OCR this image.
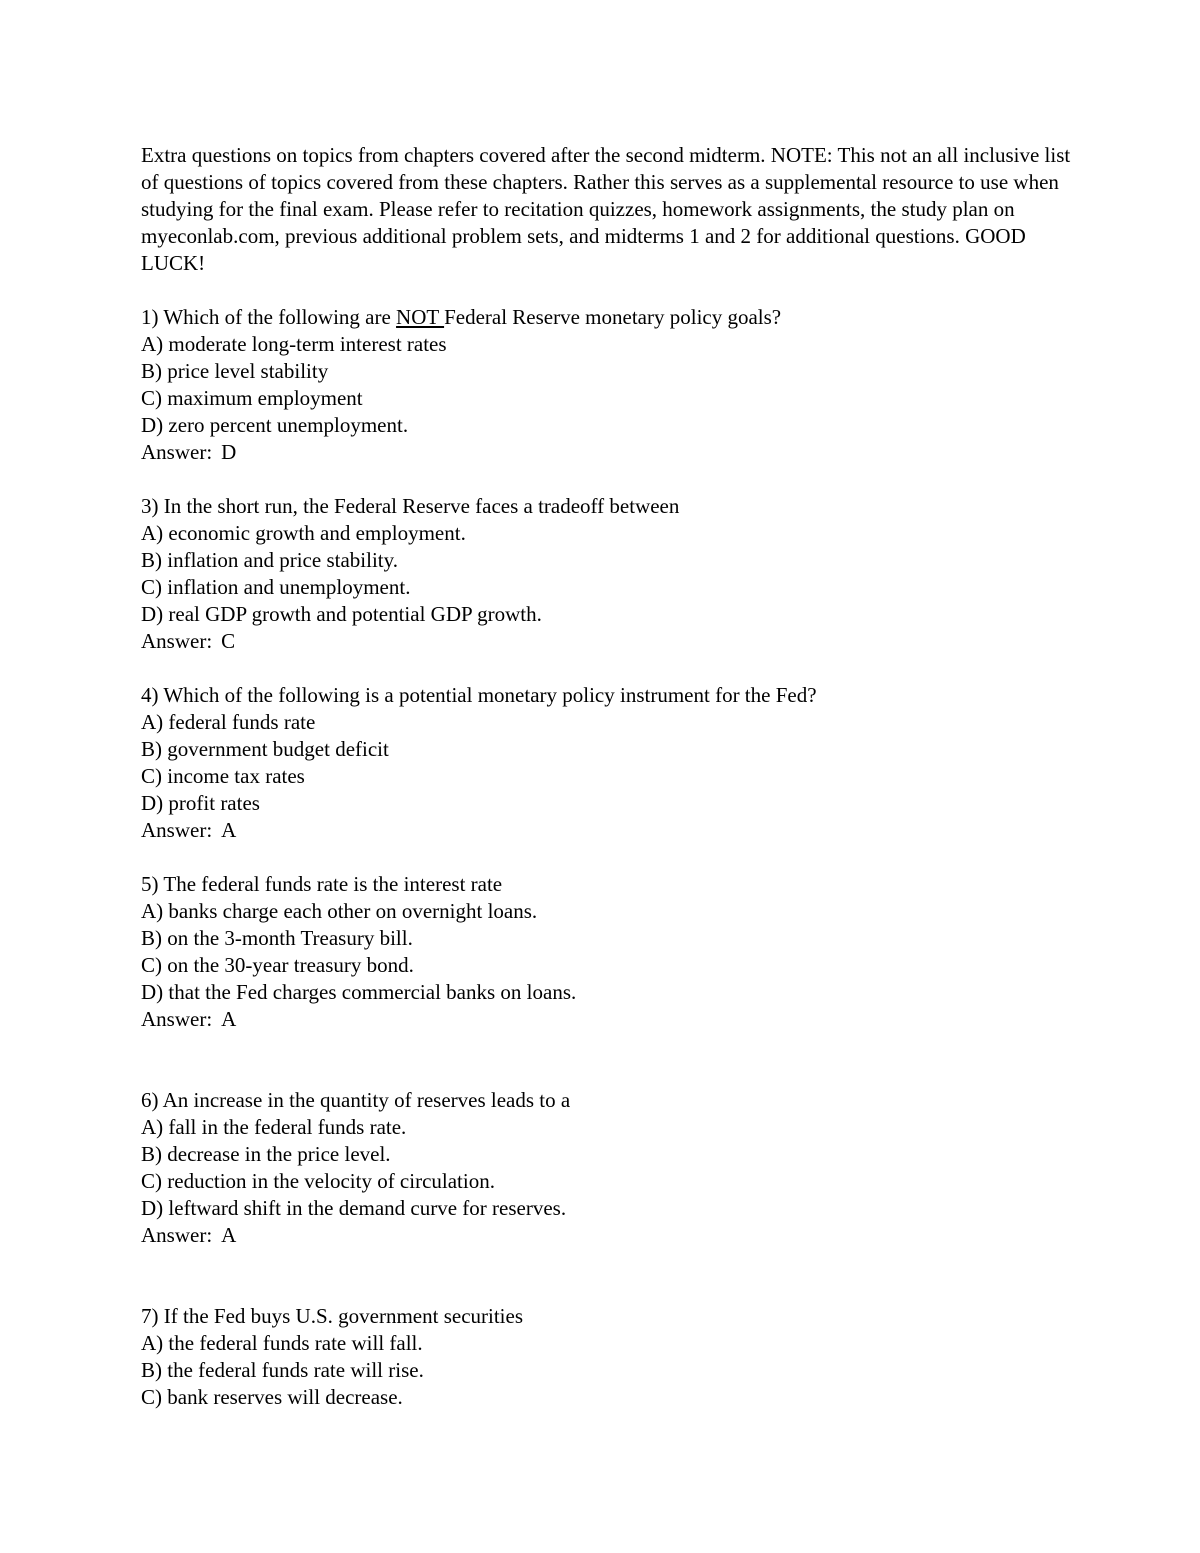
Extra questions on topics from chapters covered after the second midterm. NOTE: This not an all inclusive list of questions of topics covered from these chapters. Rather this serves as a supplemental resource to use when studying for the final exam. Please refer to recitation quizzes, homework assignments, the study plan on myeconlab.com, previous additional problem sets, and midterms 1 and 2 for additional questions. GOOD LUCK!

1) Which of the following are NOT Federal Reserve monetary policy goals?
A) moderate long-term interest rates
B) price level stability
C) maximum employment
D) zero percent unemployment.
Answer: D
3) In the short run, the Federal Reserve faces a tradeoff between
A) economic growth and employment.
B) inflation and price stability.
C) inflation and unemployment.
D) real GDP growth and potential GDP growth.
Answer: C
4) Which of the following is a potential monetary policy instrument for the Fed?
A) federal funds rate
B) government budget deficit
C) income tax rates
D) profit rates
Answer: A
5) The federal funds rate is the interest rate
A) banks charge each other on overnight loans.
B) on the 3-month Treasury bill.
C) on the 30-year treasury bond.
D) that the Fed charges commercial banks on loans.
Answer: A
6) An increase in the quantity of reserves leads to a
A) fall in the federal funds rate.
B) decrease in the price level.
C) reduction in the velocity of circulation.
D) leftward shift in the demand curve for reserves.
Answer: A
7) If the Fed buys U.S. government securities
A) the federal funds rate will fall.
B) the federal funds rate will rise.
C) bank reserves will decrease.
